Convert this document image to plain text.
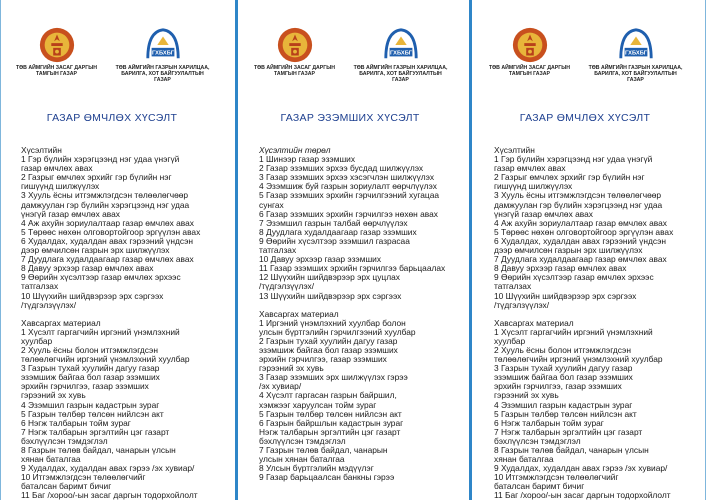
ТӨВ АЙМГИЙН ЗАСАГ ДАРГЫН ТАМГЫН ГАЗАР
ГХБХБГ
ТӨВ АЙМГИЙН ГАЗРЫН ХАРИЛЦАА, БАРИЛГА, ХОТ БАЙГУУЛАЛТЫН ГАЗАР
ГАЗАР ӨМЧЛӨХ ХҮСЭЛТ
Хүсэлтийн
1 Гэр бүлийн хэрэгцээнд нэг удаа үнэгүй
газар өмчлөх авах
2 Газрыг өмчлөх эрхийг гэр бүлийн нэг
гишүүнд шилжүүлэх
3 Хууль ёсны итгэмжлэгдсэн төлөөлөгчөөр
дамжуулан гэр бүлийн хэрэгцээнд нэг удаа
үнэгүй газар өмчлөх авах
4 Аж ахуйн зориулалтаар газар өмчлөх авах
5 Төрөөс нөхөн олговортойгоор эргүүлэн авах
6 Худалдах, худалдан авах гэрээний үндсэн
дээр өмчилсөн газрын эрх шилжүүлэх
7 Дуудлага худалдаагаар газар өмчлөх авах
8 Давуу эрхээр газар өмчлөх авах
9 Өөрийн хүсэлтээр газар өмчлөх эрхээс
татгалзах
10 Шүүхийн шийдвэрээр эрх сэргээх
/түдгэлзүүлэх/
Хавсаргах материал
1 Хүсэлт гаргагчийн иргэний үнэмлэхний
хуулбар
2 Хууль ёсны болон итгэмжлэгдсэн
төлөөлөгчийн иргэний үнэмлэхний хуулбар
3 Газрын тухай хуулийн дагуу газар
эзэмшиж байгаа бол газар эзэмших
эрхийн гэрчилгээ, газар эзэмших
гэрээний эх хувь
4 Эзэмшил газрын кадастрын зураг
5 Газрын төлбөр төлсөн нийлсэн акт
6 Нэгж талбарын тойм зураг
7 Нэгж талбарын эргэлтийн цэг газарт
бэхлүүлсэн тэмдэглэл
8 Газрын төлөв байдал, чанарын үлсын
хянан баталгаа
9 Худалдах, худалдан авах гэрээ /эх хувиар/
10 Итгэмжлэгдсэн төлөөлөгчийг
баталсан баримт бичиг
11 Баг /хороо/-ын засаг даргын тодорхойлолт
ТӨВ АЙМГИЙН ЗАСАГ ДАРГЫН ТАМГЫН ГАЗАР
ГХБХБГ
ТӨВ АЙМГИЙН ГАЗРЫН ХАРИЛЦАА, БАРИЛГА, ХОТ БАЙГУУЛАЛТЫН ГАЗАР
ГАЗАР ЭЗЭМШИХ ХҮСЭЛТ
Хүсэлтийн төрөл
1 Шинээр газар эзэмших
2 Газар эзэмших эрхээ бусдад шилжүүлэх
3 Газар эзэмших эрхээ хэсэгчлэн шилжүүлэх
4 Эзэмшиж буй газрын зориулалт өөрчлүүлэх
5 Газар эзэмших эрхийн гэрчилгээний хугацаа
сунгах
6 Газар эзэмших эрхийн гэрчилгээ нөхөн авах
7 Эзэмшил газрын талбай өөрчлүүлэх
8 Дуудлага худалдаагаар газар эзэмших
9 Өөрийн хүсэлтээр эзэмшил газрасаа
татгалзах
10 Давуу эрхээр газар эзэмших
11 Газар эзэмших эрхийн гэрчилгээ барьцаалах
12 Шүүхийн шийдвэрээр эрх цуцлах
/түдгэлзүүлэх/
13 Шүүхийн шийдвэрээр эрх сэргээх
Хавсаргах материал
1 Иргэний үнэмлэхний хуулбар болон
улсын бүртгэлийн гэрчилгээний хуулбар
2 Газрын тухай хуулийн дагуу газар
эзэмшиж байгаа бол газар эзэмших
эрхийн гэрчилгээ, газар эзэмших
гэрээний эх хувь
3 Газар эзэмших эрх шилжүүлэх гэрээ
/эх хувиар/
4 Хүсэлт гаргасан газрын байршил,
хэмжээг харуулсан тойм зураг
5 Газрын төлбөр төлсөн нийлсэн акт
6 Газрын байршлын кадастрын зураг
Нэгж талбарын эргэлтийн цэг газарт
бэхлүүлсэн тэмдэглэл
7 Газрын төлөв байдал, чанарын
улсын хянан баталгаа
8 Улсын бүртгэлийн мэдүүлэг
9 Газар барьцаалсан банкны гэрээ
ТӨВ АЙМГИЙН ЗАСАГ ДАРГЫН ТАМГЫН ГАЗАР
ГХБХБГ
ТӨВ АЙМГИЙН ГАЗРЫН ХАРИЛЦАА, БАРИЛГА, ХОТ БАЙГУУЛАЛТЫН ГАЗАР
ГАЗАР ӨМЧЛӨХ ХҮСЭЛТ
Хүсэлтийн
1 Гэр бүлийн хэрэгцээнд нэг удаа үнэгүй
газар өмчлөх авах
2 Газрыг өмчлөх эрхийг гэр бүлийн нэг
гишүүнд шилжүүлэх
3 Хууль ёсны итгэмжлэгдсэн төлөөлөгчөөр
дамжуулан гэр бүлийн хэрэгцээнд нэг удаа
үнэгүй газар өмчлөх авах
4 Аж ахуйн зориулалтаар газар өмчлөх авах
5 Төрөөс нөхөн олговортойгоор эргүүлэн авах
6 Худалдах, худалдан авах гэрээний үндсэн
дээр өмчилсөн газрын эрх шилжүүлэх
7 Дуудлага худалдаагаар газар өмчлөх авах
8 Давуу эрхээр газар өмчлөх авах
9 Өөрийн хүсэлтээр газар өмчлөх эрхээс
татгалзах
10 Шүүхийн шийдвэрээр эрх сэргээх
/түдгэлзүүлэх/
Хавсаргах материал
1 Хүсэлт гаргагчийн иргэний үнэмлэхний
хуулбар
2 Хууль ёсны болон итгэмжлэгдсэн
төлөөлөгчийн иргэний үнэмлэхний хуулбар
3 Газрын тухай хуулийн дагуу газар
эзэмшиж байгаа бол газар эзэмших
эрхийн гэрчилгээ, газар эзэмших
гэрээний эх хувь
4 Эзэмшил газрын кадастрын зураг
5 Газрын төлбөр төлсөн нийлсэн акт
6 Нэгж талбарын тойм зураг
7 Нэгж талбарын эргэлтийн цэг газарт
бэхлүүлсэн тэмдэглэл
8 Газрын төлөв байдал, чанарын үлсын
хянан баталгаа
9 Худалдах, худалдан авах гэрээ /эх хувиар/
10 Итгэмжлэгдсэн төлөөлөгчийг
баталсан баримт бичиг
11 Баг /хороо/-ын засаг даргын тодорхойлолт
